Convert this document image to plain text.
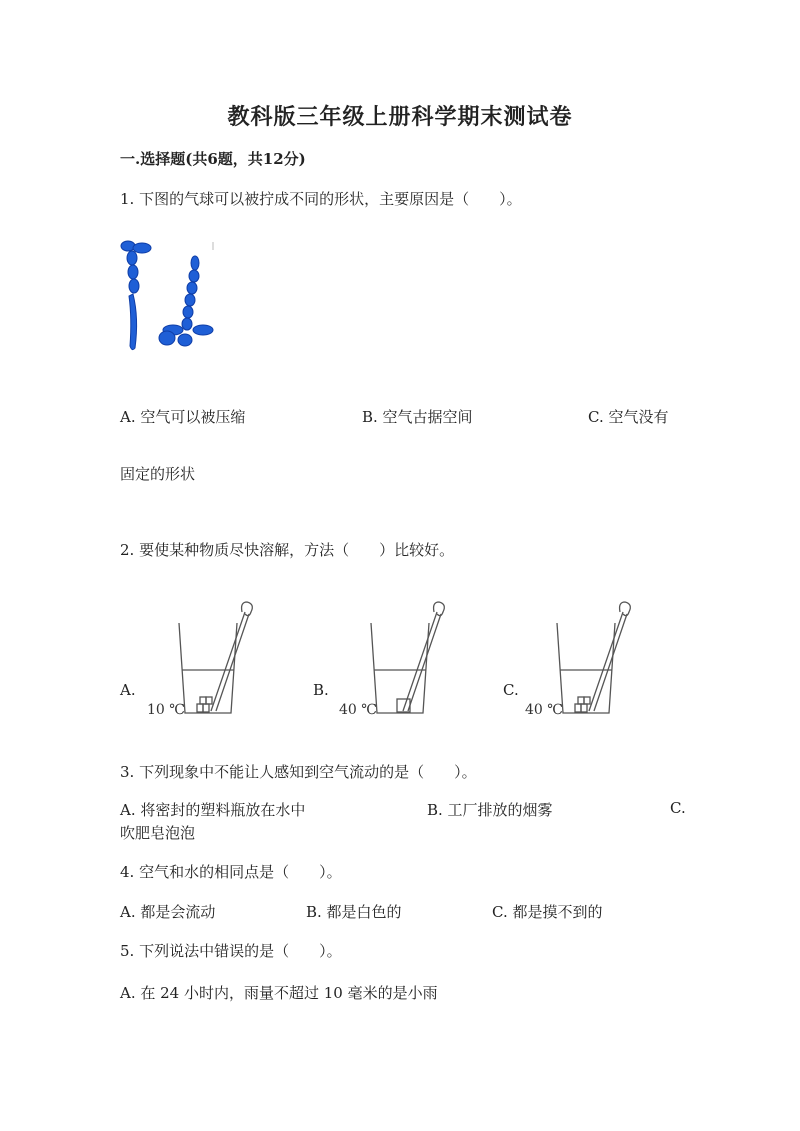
教科版三年级上册科学期末测试卷
一.选择题(共6题，共12分)
1. 下图的气球可以被拧成不同的形状，主要原因是（　　）。
A. 空气可以被压缩	B. 空气古据空间	C. 空气没有
固定的形状
2. 要使某种物质尽快溶解，方法（　　）比较好。
A.	B.	C.
10 ℃	40 ℃	40 ℃
3. 下列现象中不能让人感知到空气流动的是（　　）。
A. 将密封的塑料瓶放在水中	B. 工厂排放的烟雾	C.
吹肥皂泡泡
4. 空气和水的相同点是（　　）。
A. 都是会流动	B. 都是白色的	C. 都是摸不到的
5. 下列说法中错误的是（　　）。
A. 在 24 小时内，雨量不超过 10 毫米的是小雨
